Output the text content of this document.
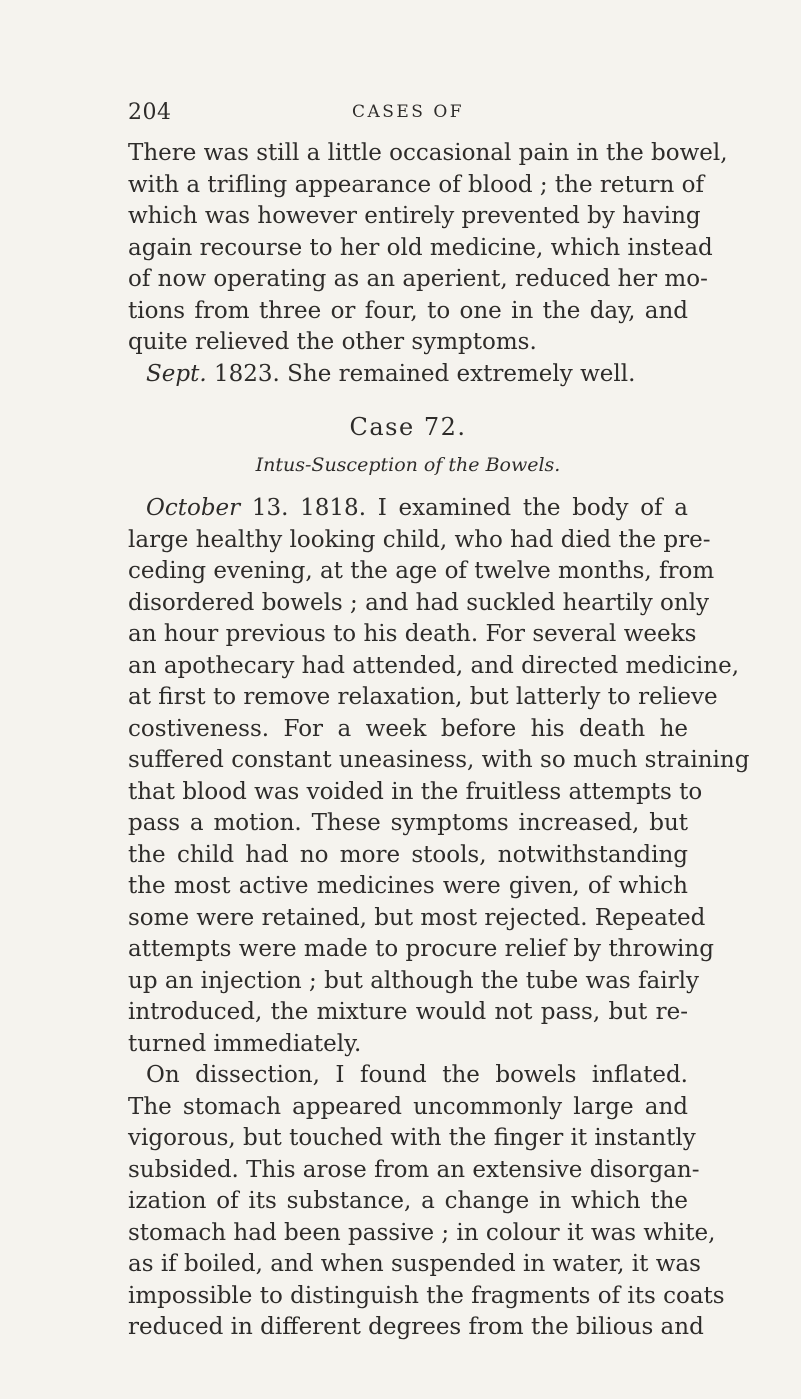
204	CASES OF
There was still a little occasional pain in the bowel,
with a trifling appearance of blood ; the return of
which was however entirely prevented by having
again recourse to her old medicine, which instead
of now operating as an aperient, reduced her mo-
tions from three or four, to one in the day, and
quite relieved the other symptoms.
Sept. 1823. She remained extremely well.
Case 72.
Intus-Susception of the Bowels.
October 13. 1818. I examined the body of a
large healthy looking child, who had died the pre-
ceding evening, at the age of twelve months, from
disordered bowels ; and had suckled heartily only
an hour previous to his death. For several weeks
an apothecary had attended, and directed medicine,
at first to remove relaxation, but latterly to relieve
costiveness. For a week before his death he
suffered constant uneasiness, with so much straining
that blood was voided in the fruitless attempts to
pass a motion. These symptoms increased, but
the child had no more stools, notwithstanding
the most active medicines were given, of which
some were retained, but most rejected. Repeated
attempts were made to procure relief by throwing
up an injection ; but although the tube was fairly
introduced, the mixture would not pass, but re-
turned immediately.
On dissection, I found the bowels inflated.
The stomach appeared uncommonly large and
vigorous, but touched with the finger it instantly
subsided. This arose from an extensive disorgan-
ization of its substance, a change in which the
stomach had been passive ; in colour it was white,
as if boiled, and when suspended in water, it was
impossible to distinguish the fragments of its coats
reduced in different degrees from the bilious and
